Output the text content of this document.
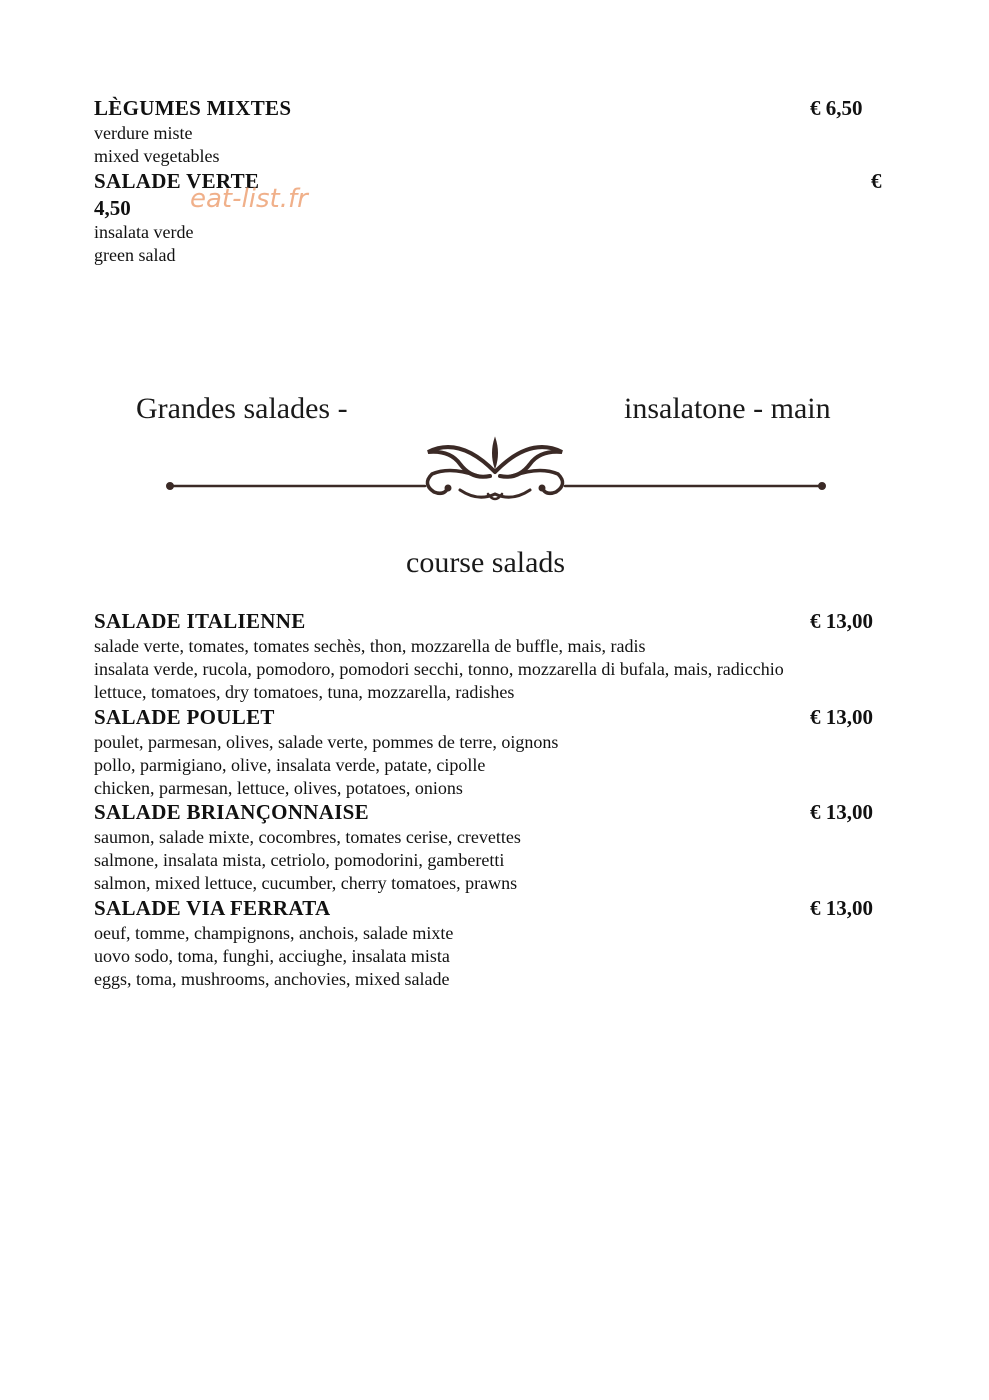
LÈGUMES MIXTES	€ 6,50
verdure miste
mixed vegetables
SALADE VERTE	€
4,50 eat-list.fr
insalata verde
green salad
Grandes salades -	insalatone - main
course salads
SALADE ITALIENNE	€ 13,00
salade verte, tomates, tomates sechès, thon, mozzarella de buffle, mais, radis
insalata verde, rucola, pomodoro, pomodori secchi, tonno, mozzarella di bufala, mais, radicchio
lettuce, tomatoes, dry tomatoes, tuna, mozzarella, radishes
SALADE POULET	€ 13,00
poulet, parmesan, olives, salade verte, pommes de terre, oignons
pollo, parmigiano, olive, insalata verde, patate, cipolle
chicken, parmesan, lettuce, olives, potatoes, onions
SALADE BRIANÇONNAISE	€ 13,00
saumon, salade mixte, cocombres, tomates cerise, crevettes
salmone, insalata mista, cetriolo, pomodorini, gamberetti
salmon, mixed lettuce, cucumber, cherry tomatoes, prawns
SALADE VIA FERRATA	€ 13,00
oeuf, tomme, champignons, anchois, salade mixte
uovo sodo, toma, funghi, acciughe, insalata mista
eggs, toma, mushrooms, anchovies, mixed salade
